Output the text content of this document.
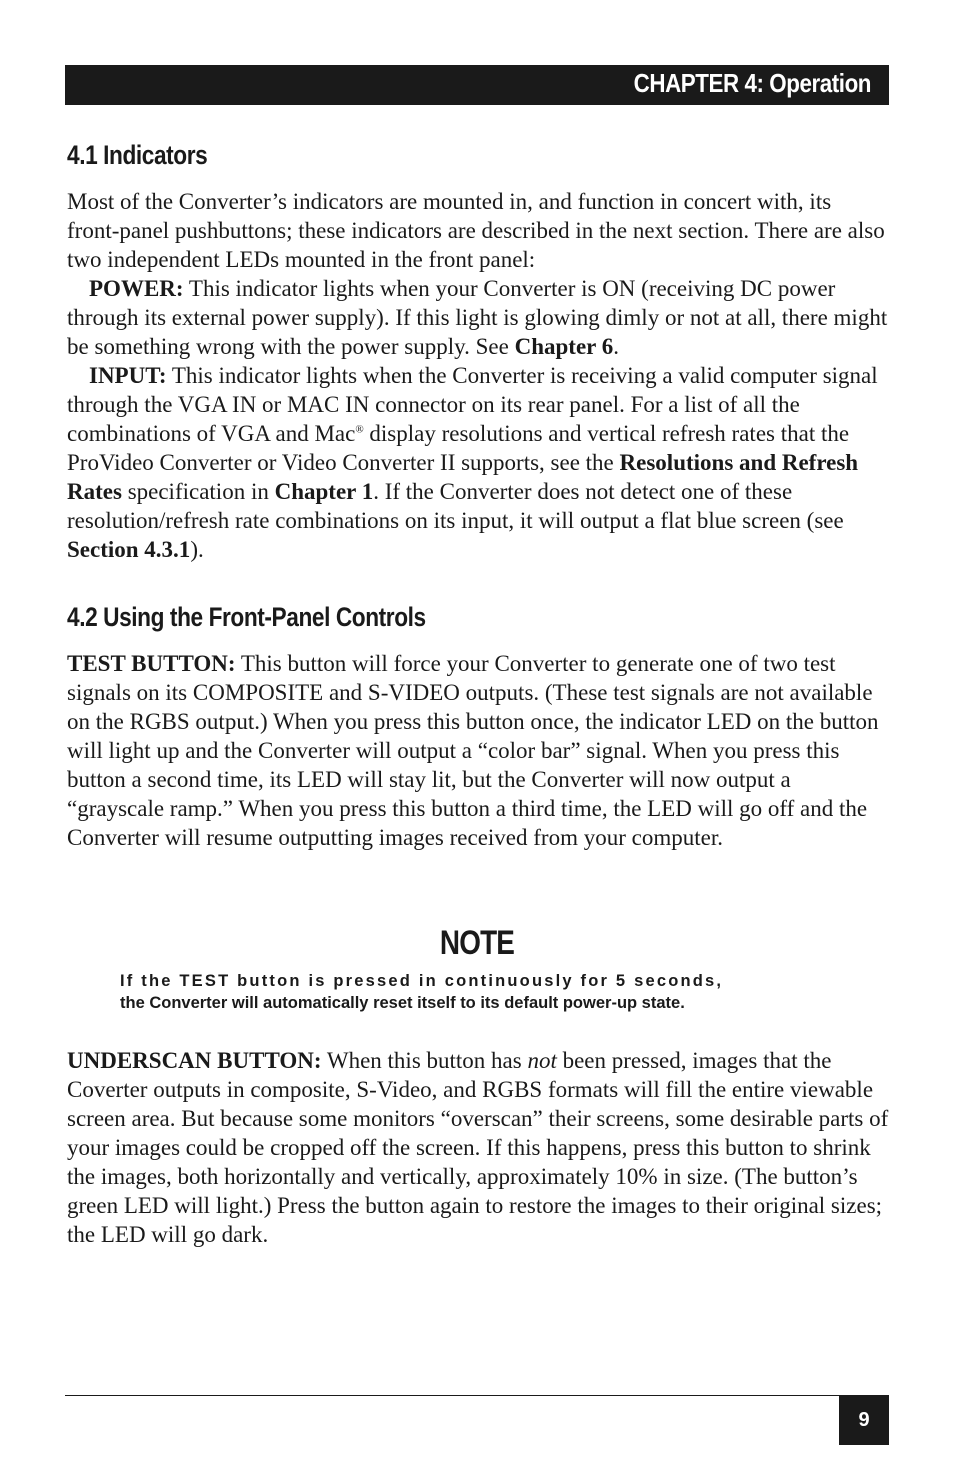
CHAPTER 4: Operation
4.1 Indicators

Most of the Converter’s indicators are mounted in, and function in concert with, its front-panel pushbuttons; these indicators are described in the next section. There are also two independent LEDs mounted in the front panel:

POWER: This indicator lights when your Converter is ON (receiving DC power through its external power supply). If this light is glowing dimly or not at all, there might be something wrong with the power supply. See Chapter 6.

INPUT: This indicator lights when the Converter is receiving a valid computer signal through the VGA IN or MAC IN connector on its rear panel. For a list of all the combinations of VGA and Mac® display resolutions and vertical refresh rates that the ProVideo Converter or Video Converter II supports, see the Resolutions and Refresh Rates specification in Chapter 1. If the Converter does not detect one of these resolution/refresh rate combinations on its input, it will output a flat blue screen (see Section 4.3.1).

4.2 Using the Front-Panel Controls

TEST BUTTON: This button will force your Converter to generate one of two test signals on its COMPOSITE and S-VIDEO outputs. (These test signals are not available on the RGBS output.) When you press this button once, the indicator LED on the button will light up and the Converter will output a “color bar” signal. When you press this button a second time, its LED will stay lit, but the Converter will now output a “grayscale ramp.” When you press this button a third time, the LED will go off and the Converter will resume outputting images received from your computer.

NOTE
If the TEST button is pressed in continuously for 5 seconds,
the Converter will automatically reset itself to its default power-up state.

UNDERSCAN BUTTON: When this button has not been pressed, images that the Coverter outputs in composite, S-Video, and RGBS formats will fill the entire viewable screen area. But because some monitors “overscan” their screens, some desirable parts of your images could be cropped off the screen. If this happens, press this button to shrink the images, both horizontally and vertically, approximately 10% in size. (The button’s green LED will light.) Press the button again to restore the images to their original sizes; the LED will go dark.

9
